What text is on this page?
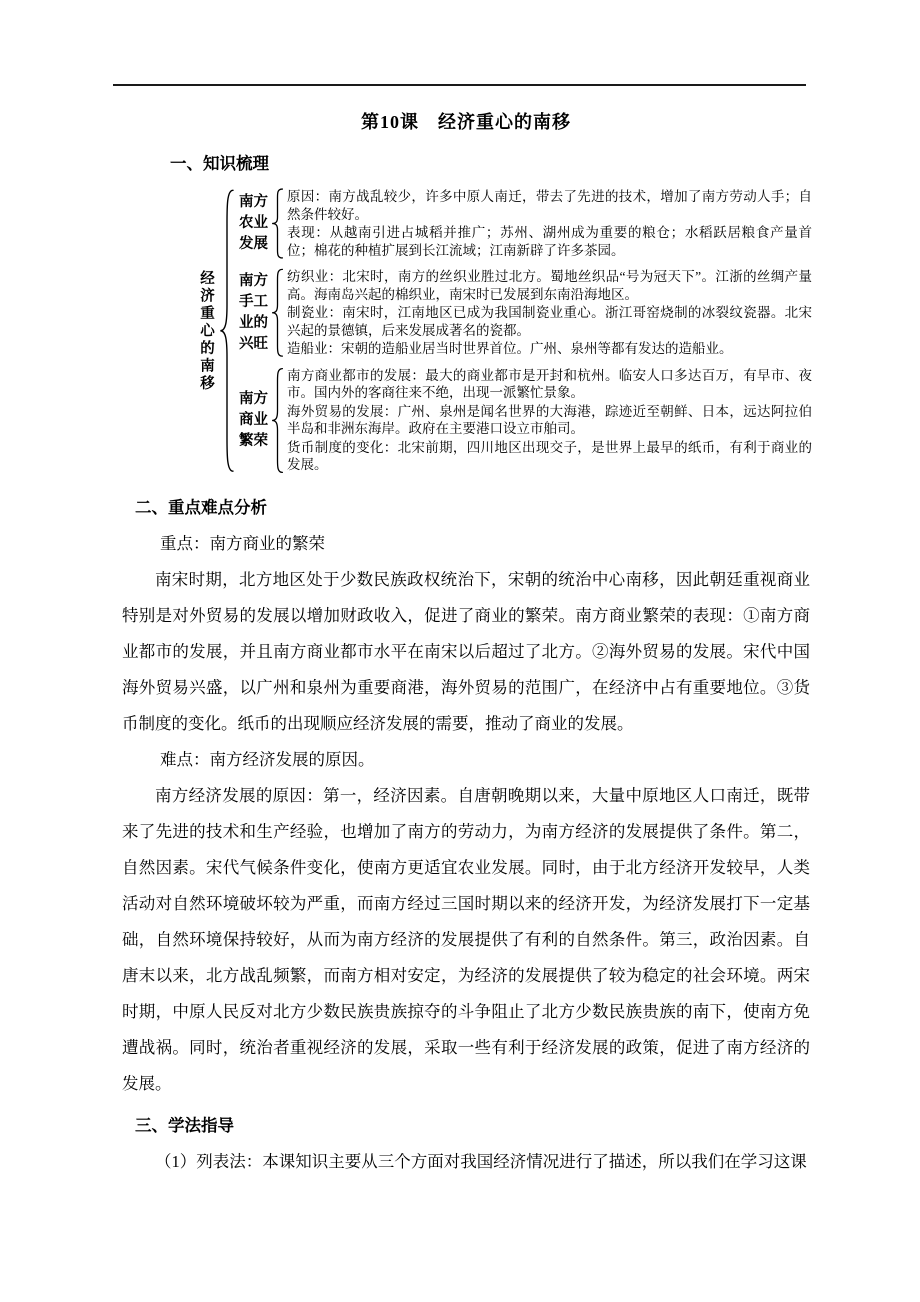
第10课　经济重心的南移
一、知识梳理
经济重心的南移
南方农业发展
原因：南方战乱较少，许多中原人南迁，带去了先进的技术，增加了南方劳动人手；自然条件较好。
表现：从越南引进占城稻并推广；苏州、湖州成为重要的粮仓；水稻跃居粮食产量首位；棉花的种植扩展到长江流域；江南新辟了许多茶园。
南方手工业的兴旺
纺织业：北宋时，南方的丝织业胜过北方。蜀地丝织品“号为冠天下”。江浙的丝绸产量高。海南岛兴起的棉织业，南宋时已发展到东南沿海地区。
制瓷业：南宋时，江南地区已成为我国制瓷业重心。浙江哥窑烧制的冰裂纹瓷器。北宋兴起的景德镇，后来发展成著名的瓷都。
造船业：宋朝的造船业居当时世界首位。广州、泉州等都有发达的造船业。
南方商业繁荣
南方商业都市的发展：最大的商业都市是开封和杭州。临安人口多达百万，有早市、夜市。国内外的客商往来不绝，出现一派繁忙景象。
海外贸易的发展：广州、泉州是闻名世界的大海港，踪迹近至朝鲜、日本，远达阿拉伯半岛和非洲东海岸。政府在主要港口设立市舶司。
货币制度的变化：北宋前期，四川地区出现交子，是世界上最早的纸币，有利于商业的发展。
二、重点难点分析

重点：南方商业的繁荣

南宋时期，北方地区处于少数民族政权统治下，宋朝的统治中心南移，因此朝廷重视商业特别是对外贸易的发展以增加财政收入，促进了商业的繁荣。南方商业繁荣的表现：①南方商业都市的发展，并且南方商业都市水平在南宋以后超过了北方。②海外贸易的发展。宋代中国海外贸易兴盛，以广州和泉州为重要商港，海外贸易的范围广，在经济中占有重要地位。③货币制度的变化。纸币的出现顺应经济发展的需要，推动了商业的发展。

难点：南方经济发展的原因。

南方经济发展的原因：第一，经济因素。自唐朝晚期以来，大量中原地区人口南迁，既带来了先进的技术和生产经验，也增加了南方的劳动力，为南方经济的发展提供了条件。第二，自然因素。宋代气候条件变化，使南方更适宜农业发展。同时，由于北方经济开发较早，人类活动对自然环境破坏较为严重，而南方经过三国时期以来的经济开发，为经济发展打下一定基础，自然环境保持较好，从而为南方经济的发展提供了有利的自然条件。第三，政治因素。自唐末以来，北方战乱频繁，而南方相对安定，为经济的发展提供了较为稳定的社会环境。两宋时期，中原人民反对北方少数民族贵族掠夺的斗争阻止了北方少数民族贵族的南下，使南方免遭战祸。同时，统治者重视经济的发展，采取一些有利于经济发展的政策，促进了南方经济的发展。

三、学法指导

（1）列表法：本课知识主要从三个方面对我国经济情况进行了描述，所以我们在学习这课
